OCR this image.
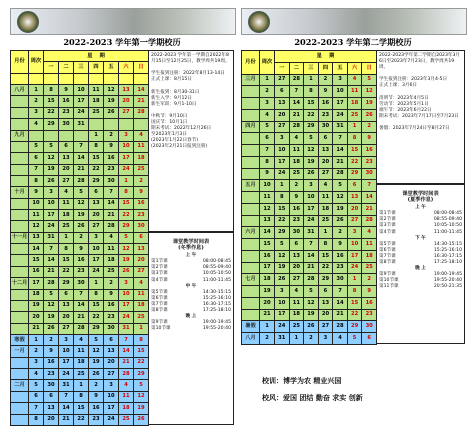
2022-2023 学年第一学期校历
月份	周次	星 期						
		一	二	三	四	五	六	日

八月	1	8	9	10	11	12	13	14
	2	15	16	17	18	19	20	21
	3	22	23	24	25	26	27	28
	4	29	30	31				
九月					1	2	3	4
	5	5	6	7	8	9	10	11
	6	12	13	14	15	16	17	18
	7	19	20	21	22	23	24	25
	8	26	27	28	29	30	1	2
十月	9	3	4	5	6	7	8	9
	10	10	11	12	13	14	15	16
	11	17	18	19	20	21	22	23
	12	24	25	26	27	28	29	30
十一月	13	31	1	2	3	4	5	6
	14	7	8	9	10	11	12	13
	15	14	15	16	17	18	19	20
	16	21	22	23	24	25	26	27
十二月	17	28	29	30	1	2	3	4
	18	5	6	7	8	9	10	11
	19	12	13	14	15	16	17	18
	20	19	20	21	22	23	24	25
	21	26	27	28	29	30	31	1
寒假	1	2	3	4	5	6	7	8
一月	2	9	10	11	12	13	14	15
	3	16	17	18	19	20	21	22
	4	23	24	25	26	27	28	29
二月	5	30	31	1	2	3	4	5
	6	6	7	8	9	10	11	12
	7	13	14	15	16	17	18	19
	8	20	21	22	23	24	25	26

2022-2023 学年第一学期自2022年8月15日至12月25日，教学周共19周。

学生报到注册：2022年8月13-14日

正式上课：8月15日

新生报到：8月30-31日

新生入学：9月12日

新生军训：9月1-10日

中秋节：9月10日

国庆节：10月1日

期末考试：2022年12月26日

至2023年1月3日

(2023年1月22日春节)

(2023年2月21日报到注册)

课堂教学时间表
(冬季作息)
上 午
第1节课	08:00-08:45
第2节课	08:55-09:40
第3节课	10:05-10:50
第4节课	11:00-11:45
中 午
第5节课	14:30-15:15
第6节课	15:25-16:10
第7节课	16:30-17:15
第8节课	17:25-18:10
晚 上
第9节课	19:00-19:45
第10节课	19:55-20:40
2022-2023 学年第二学期校历
月份	周次	星 期						
		一	二	三	四	五	六	日
三月	1	27	28	1	2	3	4	5
	2	6	7	8	9	10	11	12
	3	13	14	15	16	17	18	19
	4	20	21	22	23	24	25	26
四月	5	27	28	29	30	31	1	2
	6	3	4	5	6	7	8	9
	7	10	11	12	13	14	15	16
	8	17	18	19	20	21	22	23
	9	24	25	26	27	28	29	30
五月	10	1	2	3	4	5	6	7
	11	8	9	10	11	12	13	14
	12	15	16	17	18	19	20	21
	13	22	23	24	25	26	27	28
六月	14	29	30	31	1	2	3	4
	15	5	6	7	8	9	10	11
	16	12	13	14	15	16	17	18
	17	19	20	21	22	23	24	25
七月	18	26	27	28	29	30	1	2
	19	3	4	5	6	7	8	9
	20	10	11	12	13	14	15	16
	21	17	18	19	20	21	22	23
暑假	1	24	25	26	27	28	29	30
八月	2	31	1	2	3	4	5	6

2022-2023学年第二学期自2023年3月6日至2023年7月23日，教学周共19周。

学生报到注册：2023年3月4-5日

正式上课：3月6日

清明节：2023年4月5日

劳动节：2023年5月1日

端午节：2023年6月22日

期末考试：2023年7月17日至7月23日

暑假：2023年7月24日至8月27日

课堂教学时间表
(夏季作息)
上 午
第1节课	08:00-08:45
第2节课	08:55-09:40
第3节课	10:05-10:50
第4节课	11:00-11:45
下 午
第5节课	14:30-15:15
第6节课	15:25-16:10
第7节课	16:30-17:15
第8节课	17:25-18:10
晚 上
第9节课	19:00-19:45
第10节课	19:55-20:40
第11节课	20:50-21:35
校训：博学为农 精业兴国
校风：爱国 团结 勤奋 求实 创新
